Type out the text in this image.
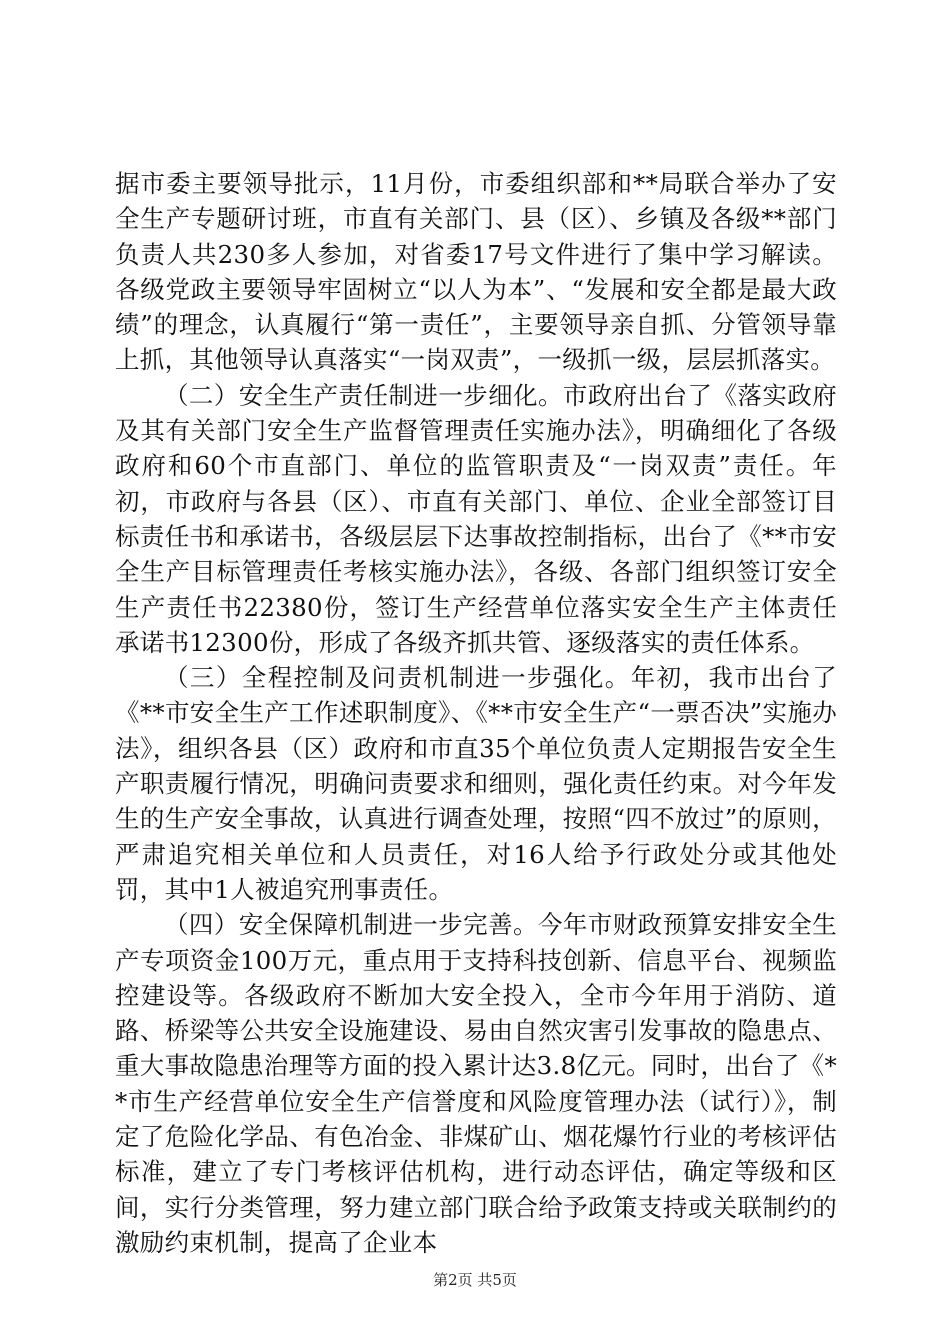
据市委主要领导批示，11月份，市委组织部和**局联合举办了安全生产专题研讨班，市直有关部门、县（区）、乡镇及各级**部门负责人共230多人参加，对省委17号文件进行了集中学习解读。各级党政主要领导牢固树立“以人为本”、“发展和安全都是最大政绩”的理念，认真履行“第一责任”，主要领导亲自抓、分管领导靠上抓，其他领导认真落实“一岗双责”，一级抓一级，层层抓落实。

（二）安全生产责任制进一步细化。市政府出台了《落实政府及其有关部门安全生产监督管理责任实施办法》，明确细化了各级政府和60个市直部门、单位的监管职责及“一岗双责”责任。年初，市政府与各县（区）、市直有关部门、单位、企业全部签订目标责任书和承诺书，各级层层下达事故控制指标，出台了《**市安全生产目标管理责任考核实施办法》，各级、各部门组织签订安全生产责任书22380份，签订生产经营单位落实安全生产主体责任承诺书12300份，形成了各级齐抓共管、逐级落实的责任体系。

（三）全程控制及问责机制进一步强化。年初，我市出台了《**市安全生产工作述职制度》、《**市安全生产“一票否决”实施办法》，组织各县（区）政府和市直35个单位负责人定期报告安全生产职责履行情况，明确问责要求和细则，强化责任约束。对今年发生的生产安全事故，认真进行调查处理，按照“四不放过”的原则，严肃追究相关单位和人员责任，对16人给予行政处分或其他处罚，其中1人被追究刑事责任。

（四）安全保障机制进一步完善。今年市财政预算安排安全生产专项资金100万元，重点用于支持科技创新、信息平台、视频监控建设等。各级政府不断加大安全投入，全市今年用于消防、道路、桥梁等公共安全设施建设、易由自然灾害引发事故的隐患点、重大事故隐患治理等方面的投入累计达3.8亿元。同时，出台了《**市生产经营单位安全生产信誉度和风险度管理办法（试行）》，制定了危险化学品、有色冶金、非煤矿山、烟花爆竹行业的考核评估标准，建立了专门考核评估机构，进行动态评估，确定等级和区间，实行分类管理，努力建立部门联合给予政策支持或关联制约的激励约束机制，提高了企业本

第2页 共5页
